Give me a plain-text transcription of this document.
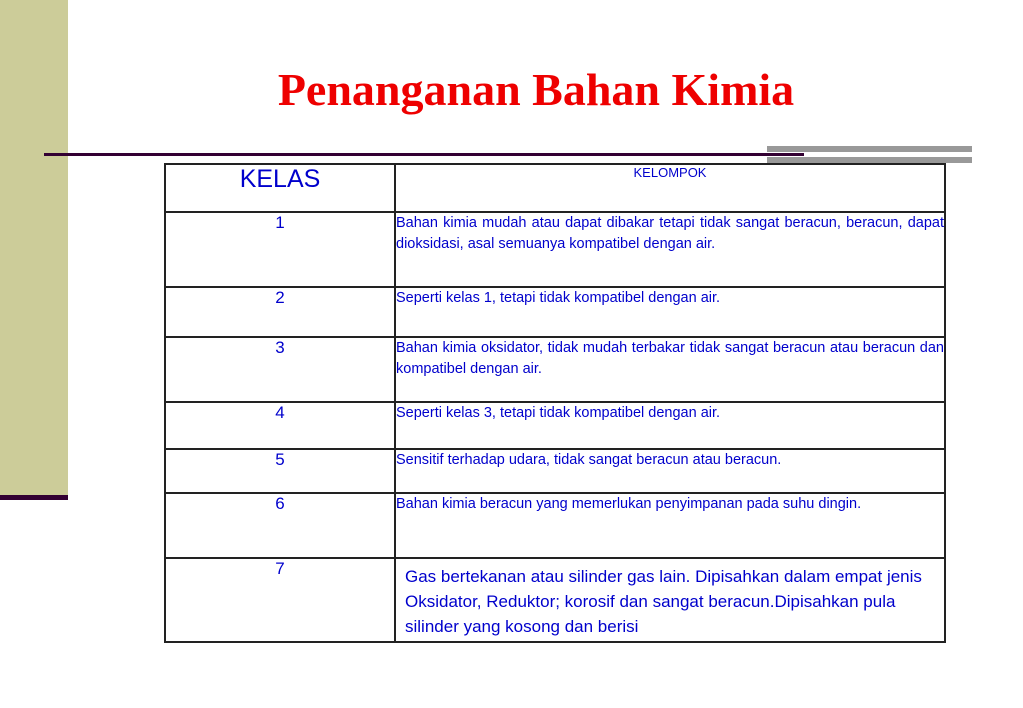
Penanganan Bahan Kimia
KELAS	KELOMPOK
1	Bahan kimia mudah atau dapat dibakar tetapi tidak sangat beracun, beracun, dapat dioksidasi, asal semuanya kompatibel dengan air.
2	Seperti kelas 1, tetapi tidak kompatibel dengan air.
3	Bahan kimia oksidator, tidak mudah terbakar tidak sangat beracun atau beracun dan kompatibel dengan air.
4	Seperti kelas 3, tetapi tidak kompatibel dengan air.
5	Sensitif terhadap udara, tidak sangat beracun atau beracun.
6	Bahan kimia beracun yang memerlukan penyimpanan pada suhu dingin.
7	Gas bertekanan atau silinder gas lain. Dipisahkan dalam empat jenis Oksidator, Reduktor; korosif dan sangat beracun.Dipisahkan pula silinder yang kosong dan berisi
